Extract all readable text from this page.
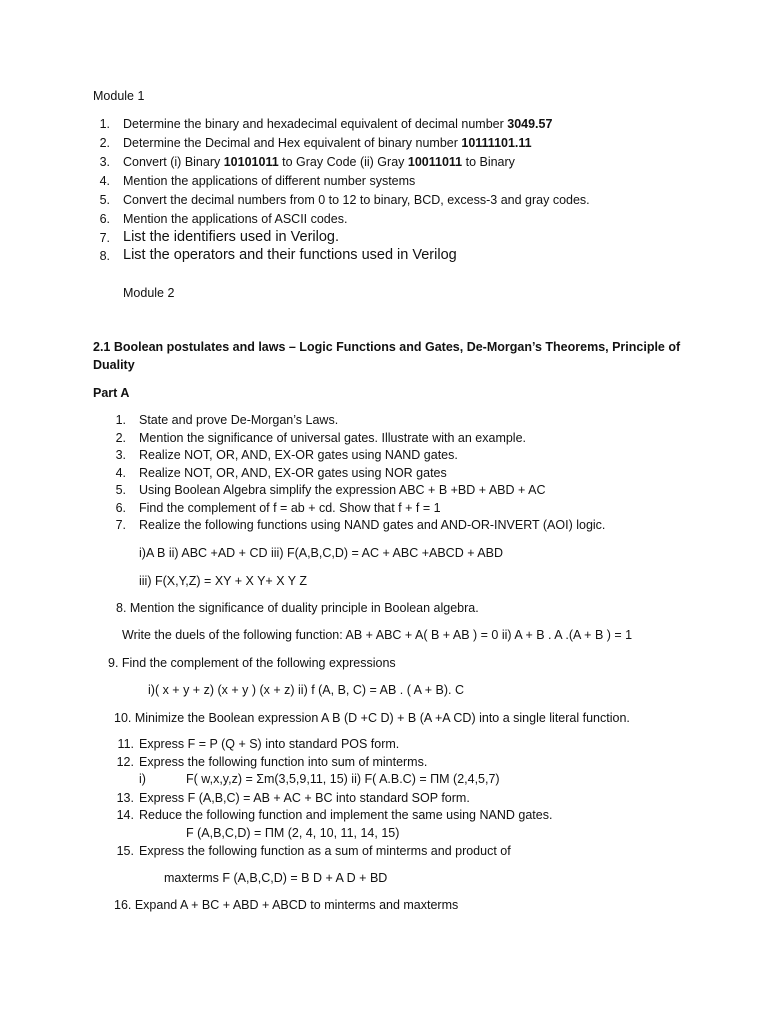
Module 1
1. Determine the binary and hexadecimal equivalent of decimal number 3049.57
2. Determine the Decimal and Hex equivalent of binary number 10111101.11
3. Convert (i) Binary 10101011 to Gray Code (ii) Gray 10011011 to Binary
4. Mention the applications of different number systems
5. Convert the decimal numbers from 0 to 12 to binary, BCD, excess-3 and gray codes.
6. Mention the applications of ASCII codes.
7. List the identifiers used in Verilog.
8. List the operators and their functions used in Verilog
Module 2
2.1 Boolean postulates and laws – Logic Functions and Gates, De-Morgan’s Theorems, Principle of Duality
Part A
1. State and prove De-Morgan’s Laws.
2. Mention the significance of universal gates. Illustrate with an example.
3. Realize NOT, OR, AND, EX-OR gates using NAND gates.
4. Realize NOT, OR, AND, EX-OR gates using NOR gates
5. Using Boolean Algebra simplify the expression ABC + B +BD + ABD + AC
6. Find the complement of f = ab + cd. Show that f + f = 1
7. Realize the following functions using NAND gates and AND-OR-INVERT (AOI) logic.
i)A B ii) ABC +AD + CD iii) F(A,B,C,D) = AC + ABC +ABCD + ABD
iii) F(X,Y,Z) = XY + X Y+ X Y Z
8. Mention the significance of duality principle in Boolean algebra.
Write the duels of the following function: AB + ABC + A( B + AB ) = 0 ii) A + B . A .(A + B ) = 1
9. Find the complement of the following expressions
i)( x + y + z) (x + y ) (x + z) ii) f (A, B, C) = AB . ( A + B). C
10. Minimize the Boolean expression A B (D +C D) + B (A +A CD) into a single literal function.
11. Express F = P (Q + S) into standard POS form.
12. Express the following function into sum of minterms.
i)	F( w,x,y,z) = Σm(3,5,9,11, 15) ii) F( A.B.C) = ΠM (2,4,5,7)
13. Express F (A,B,C) = AB + AC + BC into standard SOP form.
14. Reduce the following function and implement the same using NAND gates.
F (A,B,C,D) = ΠM (2, 4, 10, 11, 14, 15)
15. Express the following function as a sum of minterms and product of
maxterms F (A,B,C,D) = B D + A D + BD
16. Expand A + BC + ABD + ABCD to minterms and maxterms
